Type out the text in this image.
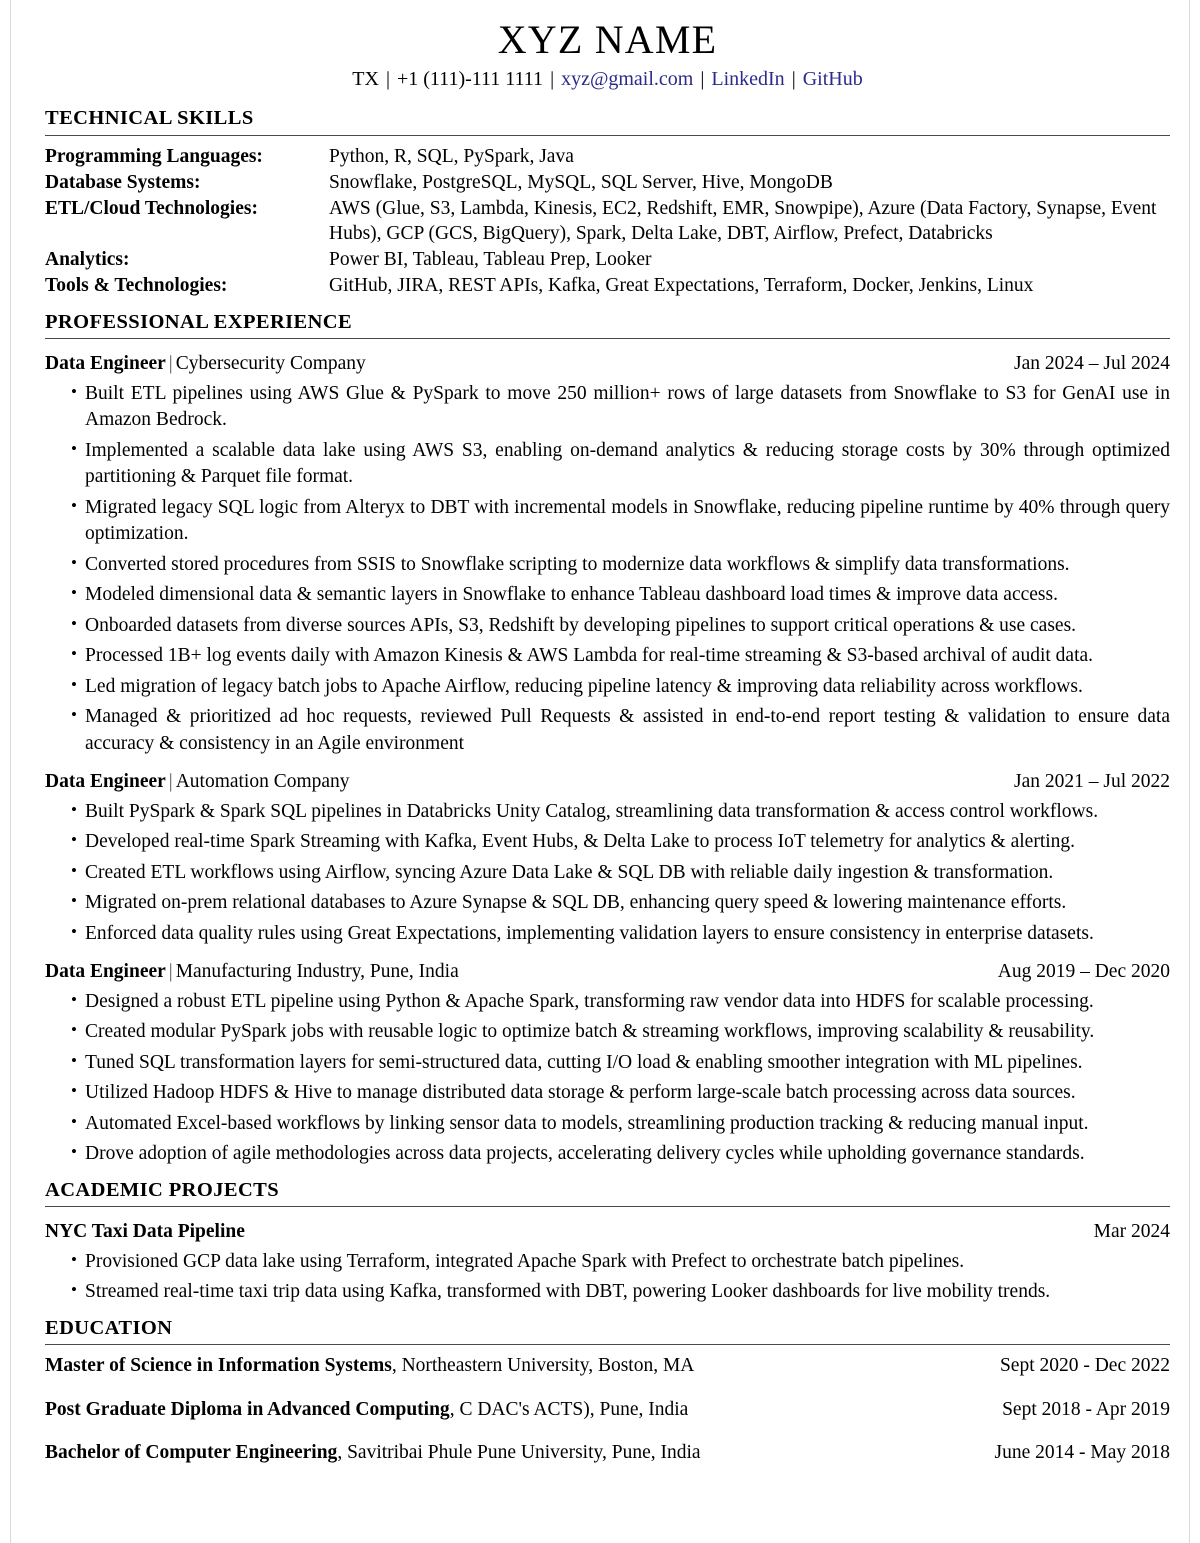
XYZ NAME
TX | +1 (111)-111 1111 | xyz@gmail.com | LinkedIn | GitHub
TECHNICAL SKILLS
Programming Languages:	Python, R, SQL, PySpark, Java
Database Systems:	Snowflake, PostgreSQL, MySQL, SQL Server, Hive, MongoDB
ETL/Cloud Technologies:	AWS (Glue, S3, Lambda, Kinesis, EC2, Redshift, EMR, Snowpipe), Azure (Data Factory, Synapse, Event Hubs), GCP (GCS, BigQuery), Spark, Delta Lake, DBT, Airflow, Prefect, Databricks
Analytics:	Power BI, Tableau, Tableau Prep, Looker
Tools & Technologies:	GitHub, JIRA, REST APIs, Kafka, Great Expectations, Terraform, Docker, Jenkins, Linux
PROFESSIONAL EXPERIENCE
Data Engineer | Cybersecurity Company	Jan 2024 – Jul 2024
• Built ETL pipelines using AWS Glue & PySpark to move 250 million+ rows of large datasets from Snowflake to S3 for GenAI use in Amazon Bedrock.
• Implemented a scalable data lake using AWS S3, enabling on-demand analytics & reducing storage costs by 30% through optimized partitioning & Parquet file format.
• Migrated legacy SQL logic from Alteryx to DBT with incremental models in Snowflake, reducing pipeline runtime by 40% through query optimization.
• Converted stored procedures from SSIS to Snowflake scripting to modernize data workflows & simplify data transformations.
• Modeled dimensional data & semantic layers in Snowflake to enhance Tableau dashboard load times & improve data access.
• Onboarded datasets from diverse sources APIs, S3, Redshift by developing pipelines to support critical operations & use cases.
• Processed 1B+ log events daily with Amazon Kinesis & AWS Lambda for real-time streaming & S3-based archival of audit data.
• Led migration of legacy batch jobs to Apache Airflow, reducing pipeline latency & improving data reliability across workflows.
• Managed & prioritized ad hoc requests, reviewed Pull Requests & assisted in end-to-end report testing & validation to ensure data accuracy & consistency in an Agile environment
Data Engineer | Automation Company	Jan 2021 – Jul 2022
• Built PySpark & Spark SQL pipelines in Databricks Unity Catalog, streamlining data transformation & access control workflows.
• Developed real-time Spark Streaming with Kafka, Event Hubs, & Delta Lake to process IoT telemetry for analytics & alerting.
• Created ETL workflows using Airflow, syncing Azure Data Lake & SQL DB with reliable daily ingestion & transformation.
• Migrated on-prem relational databases to Azure Synapse & SQL DB, enhancing query speed & lowering maintenance efforts.
• Enforced data quality rules using Great Expectations, implementing validation layers to ensure consistency in enterprise datasets.
Data Engineer | Manufacturing Industry, Pune, India	Aug 2019 – Dec 2020
• Designed a robust ETL pipeline using Python & Apache Spark, transforming raw vendor data into HDFS for scalable processing.
• Created modular PySpark jobs with reusable logic to optimize batch & streaming workflows, improving scalability & reusability.
• Tuned SQL transformation layers for semi-structured data, cutting I/O load & enabling smoother integration with ML pipelines.
• Utilized Hadoop HDFS & Hive to manage distributed data storage & perform large-scale batch processing across data sources.
• Automated Excel-based workflows by linking sensor data to models, streamlining production tracking & reducing manual input.
• Drove adoption of agile methodologies across data projects, accelerating delivery cycles while upholding governance standards.
ACADEMIC PROJECTS
NYC Taxi Data Pipeline	Mar 2024
• Provisioned GCP data lake using Terraform, integrated Apache Spark with Prefect to orchestrate batch pipelines.
• Streamed real-time taxi trip data using Kafka, transformed with DBT, powering Looker dashboards for live mobility trends.
EDUCATION
Master of Science in Information Systems, Northeastern University, Boston, MA	Sept 2020 - Dec 2022
Post Graduate Diploma in Advanced Computing, C DAC's ACTS), Pune, India	Sept 2018 - Apr 2019
Bachelor of Computer Engineering, Savitribai Phule Pune University, Pune, India	June 2014 - May 2018
